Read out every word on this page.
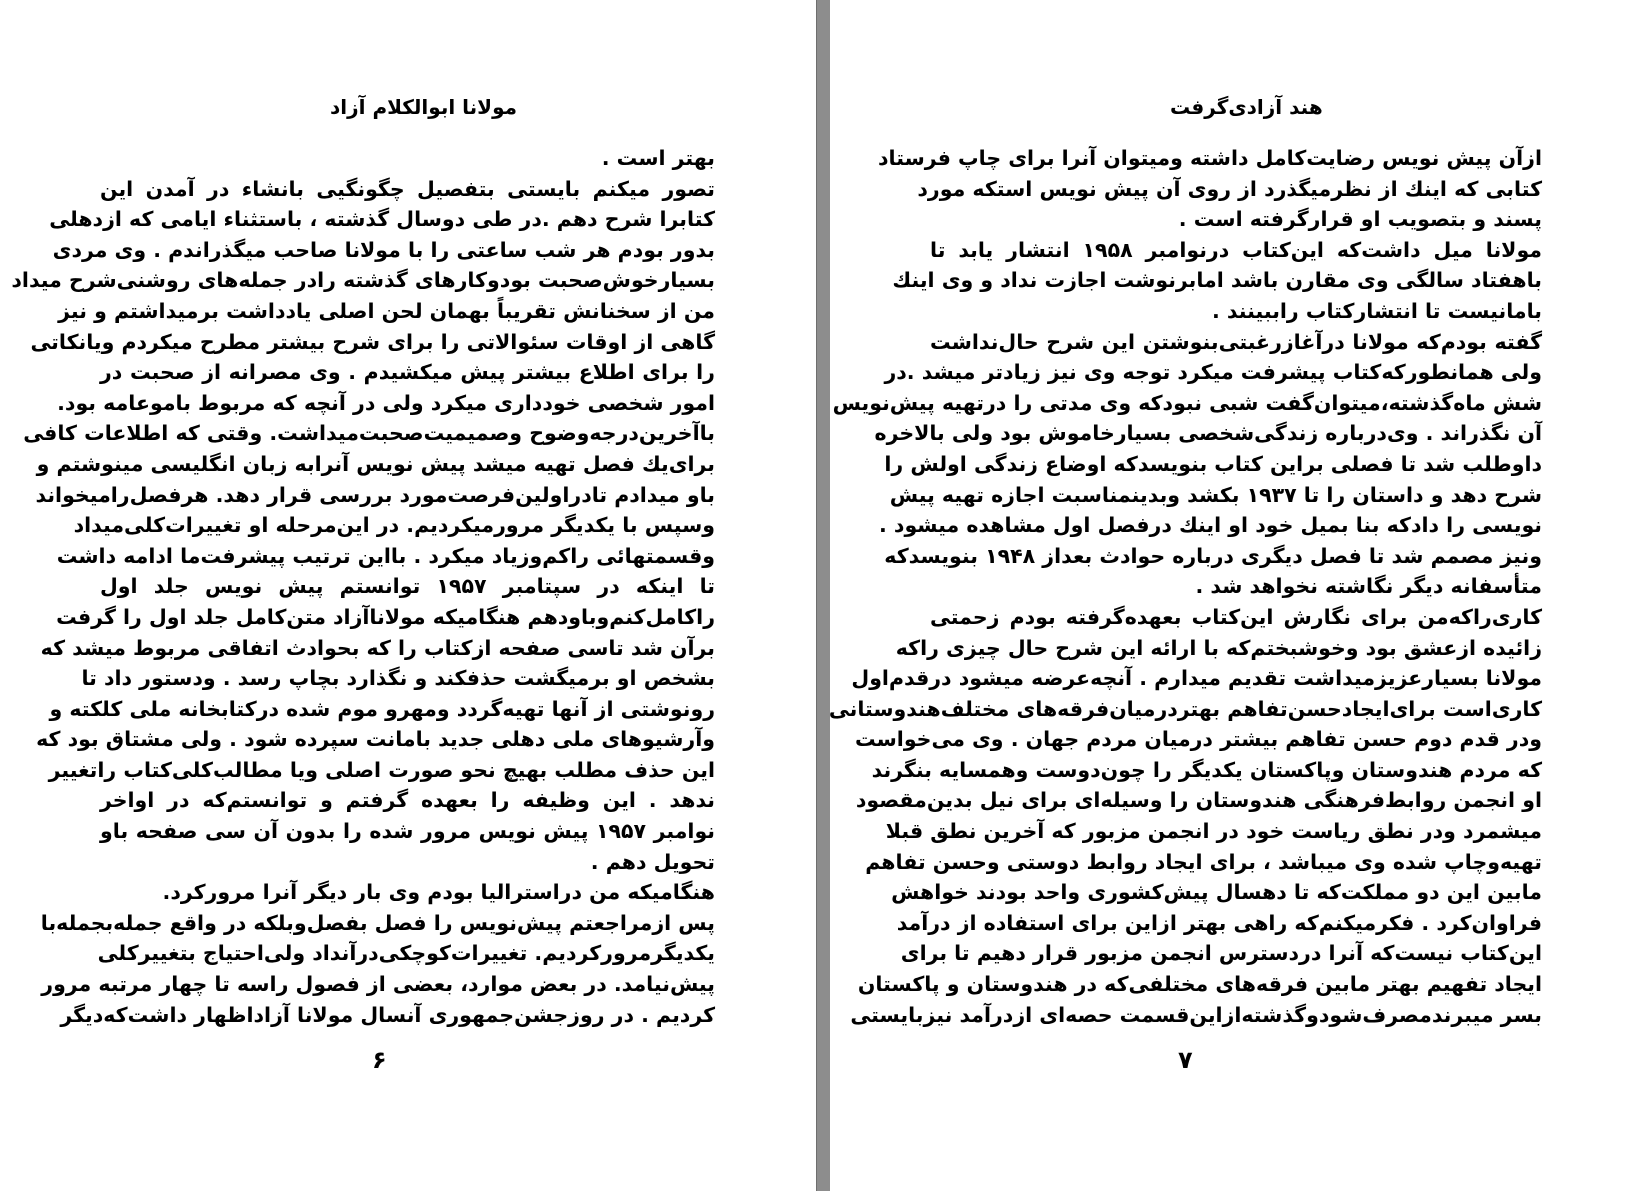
مولانا ابوالکلام آزاد
بهتر است .
تصور میکنم بایستی بتفصیل چگونگیی بانشاء در آمدن این
کتابرا شرح دهم .در طی دوسال گذشته ، باستثناء ایامی که ازدهلی
بدور بودم هر شب ساعتی را با مولانا صاحب میگذراندم . وی مردی
بسیارخوش‌صحبت بودوکارهای گذشته رادر جمله‌های روشنی‌شرح میداد
من از سخنانش تقریباً بهمان لحن اصلی یادداشت برمیداشتم و نیز
گاهی از اوقات سئوالاتی را برای شرح بیشتر مطرح میکردم ویانکاتی
را برای اطلاع بیشتر پیش میکشیدم . وی مصرانه از صحبت در
امور شخصی خودداری میکرد ولی در آنچه که مربوط باموعامه بود.
باآخرین‌درجه‌وضوح وصمیمیت‌صحبت‌میداشت. وقتی که اطلاعات کافی
برای‌یك فصل تهیه میشد پیش نویس آنرابه زبان انگلیسی مینوشتم و
باو میدادم تادراولین‌فرصت‌مورد بررسی قرار دهد. هرفصل‌رامیخواند
وسپس با یکدیگر مرورمیکردیم. در این‌مرحله او تغییرات‌کلی‌میداد
وقسمتهائی راکم‌وزیاد میکرد . بااین ترتیب پیشرفت‌ما ادامه داشت
تا اینکه در سپتامبر ۱۹۵۷ توانستم پیش نویس جلد اول
راکامل‌کنم‌وباودهم هنگامیکه مولاناآزاد متن‌کامل جلد اول را گرفت
بر‌آن شد تاسی صفحه ازکتاب را که بحوادث اتفاقی مربوط میشد که
بشخص او برمیگشت حذفکند و نگذارد بچاپ رسد . ودستور داد تا
رونوشتی از آنها تهیه‌گردد ومهرو موم شده درکتابخانه ملی کلکته و
وآرشیوهای ملی دهلی جدید بامانت سپرده شود . ولی مشتاق بود که
این حذف مطلب بهیچ نحو صورت اصلی ویا مطالب‌کلی‌کتاب را‌تغییر
ندهد . این وظیفه را بعهده گرفتم و توانستم‌که در اواخر
نوامبر ۱۹۵۷ پیش نویس مرور شده را بدون آن سی صفحه باو
تحویل دهم .
هنگامیکه من دراسترالیا بودم وی بار دیگر آنرا مرورکرد.
پس ازمراجعتم پیش‌نویس را فصل بفصل‌وبلکه در واقع جمله‌بجمله‌با
یکدیگرمرورکردیم. تغییرات‌کوچکی‌در‌آنداد ولی‌احتیاج بتغییرکلی
پیش‌نیامد. در بعض موارد، بعضی از فصول راسه تا چهار مرتبه مرور
کردیم . در روزجشن‌جمهوری آنسال مولانا آزاداظهار داشت‌که‌دیگر
۶
هند آزادی‌گرفت
ازآن پیش نویس رضایت‌کامل داشته ومیتوان آنرا برای چاپ فرستاد
کتابی که اینك از نظرمیگذرد از روی آن پیش نویس استکه مورد
پسند و بتصویب او قرارگرفته است .
مولانا میل داشت‌که این‌کتاب درنوامبر ۱۹۵۸ انتشار یابد تا
باهفتاد سالگی وی مقارن باشد امابرنوشت اجازت نداد و وی اینك
بامانیست تا انتشارکتاب راببینند .
گفته بودم‌که مولانا درآغازرغبتی‌بنوشتن این شرح حال‌نداشت
ولی همانطورکه‌کتاب پیشرفت میکرد توجه وی نیز زیادتر میشد .در
شش ماه‌گذشته،میتوان‌گفت شبی نبودکه وی مدتی را درتهیه پیش‌نویس
آن نگذراند . وی‌درباره زندگی‌شخصی بسیارخاموش بود ولی بالاخره
داوطلب شد تا فصلی براین کتاب بنویسدکه اوضاع زندگی اولش را
شرح دهد و داستان را تا ۱۹۳۷ بکشد وبدینمناسبت اجازه تهیه پیش
نویسی را دادکه بنا بمیل خود او اینك درفصل اول مشاهده میشود .
ونیز مصمم شد تا فصل دیگری درباره حوادث بعداز ۱۹۴۸ بنویسدکه
متأسفانه دیگر نگاشته نخواهد شد .
کاری‌راکه‌من برای نگارش این‌کتاب بعهده‌گرفته بودم زحمتی
زائیده ازعشق بود وخوشبختم‌که با ارائه این شرح حال چیزی راکه
مولانا بسیارعزیزمیداشت تقدیم میدارم . آنچه‌عرضه میشود درقدم‌اول
کاری‌است برای‌ایجادحسن‌تفاهم بهتردرمیان‌فرقه‌های مختلف‌هندوستانی
ودر قدم دوم حسن تفاهم بیشتر درمیان مردم جهان . وی می‌خواست
که مردم هندوستان وپاکستان یکدیگر را چون‌دوست وهمسایه بنگرند
او انجمن روابط‌فرهنگی هندوستان را وسیله‌ای برای نیل بدین‌مقصود
میشمرد ودر نطق ریاست خود در انجمن مزبور که آخرین نطق قبلا
تهیه‌وچاپ شده وی میباشد ، برای ایجاد روابط دوستی وحسن تفاهم
مابین این دو مملکت‌که تا دهسال پیش‌کشوری واحد بودند خواهش
فراوان‌کرد . فکرمیکنم‌که راهی بهتر ازاین برای استفاده از درآمد
این‌کتاب نیست‌که آنرا دردسترس انجمن مزبور قرار دهیم تا برای
ایجاد تفهیم بهتر مابین فرقه‌های مختلفی‌که در هندوستان و پاکستان
بسر میبرندمصرف‌شودوگذشته‌ازاین‌قسمت حصه‌ای ازدرآمد نیزبایستی
۷
